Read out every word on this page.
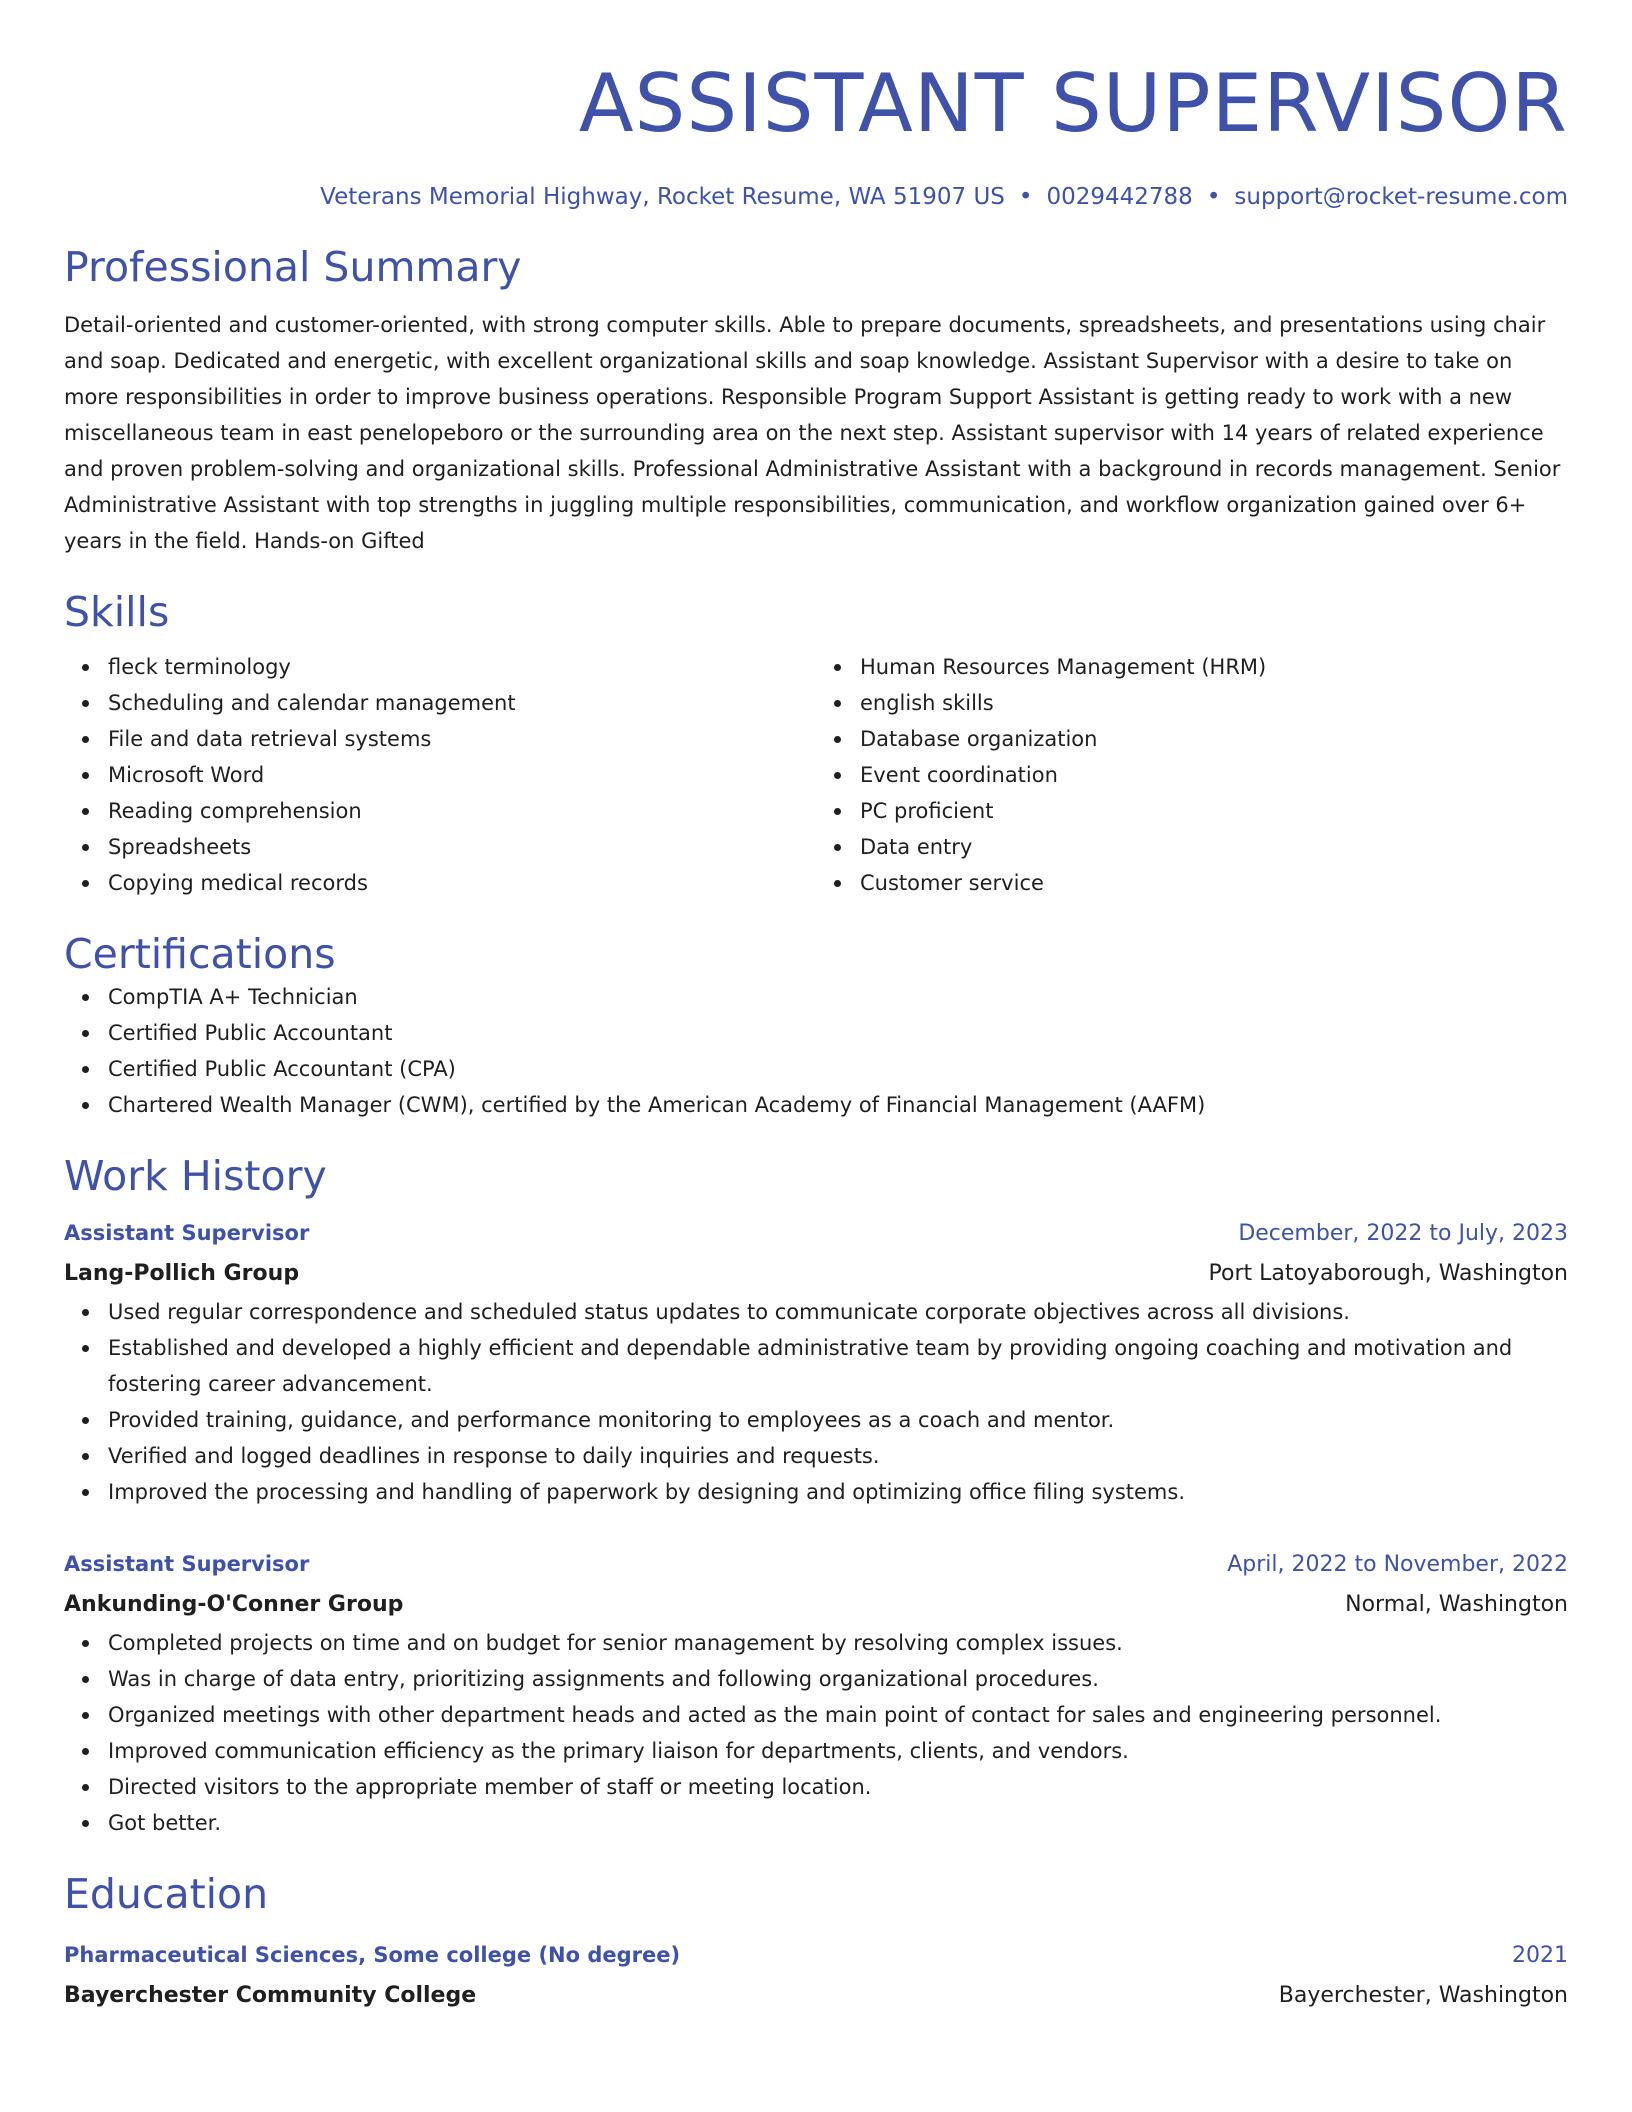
ASSISTANT SUPERVISOR
Veterans Memorial Highway, Rocket Resume, WA 51907 US • 0029442788 • support@rocket-resume.com
Professional Summary

Detail-oriented and customer-oriented, with strong computer skills. Able to prepare documents, spreadsheets, and presentations using chair and soap. Dedicated and energetic, with excellent organizational skills and soap knowledge. Assistant Supervisor with a desire to take on more responsibilities in order to improve business operations. Responsible Program Support Assistant is getting ready to work with a new miscellaneous team in east penelopeboro or the surrounding area on the next step. Assistant supervisor with 14 years of related experience and proven problem-solving and organizational skills. Professional Administrative Assistant with a background in records management. Senior Administrative Assistant with top strengths in juggling multiple responsibilities, communication, and workflow organization gained over 6+ years in the field. Hands-on Gifted

Skills
fleck terminology
Scheduling and calendar management
File and data retrieval systems
Microsoft Word
Reading comprehension
Spreadsheets
Copying medical records
Human Resources Management (HRM)
english skills
Database organization
Event coordination
PC proficient
Data entry
Customer service
Certifications
CompTIA A+ Technician
Certified Public Accountant
Certified Public Accountant (CPA)
Chartered Wealth Manager (CWM), certified by the American Academy of Financial Management (AAFM)
Work History
Assistant Supervisor	December, 2022 to July, 2023
Lang-Pollich Group	Port Latoyaborough, Washington
Used regular correspondence and scheduled status updates to communicate corporate objectives across all divisions.
Established and developed a highly efficient and dependable administrative team by providing ongoing coaching and motivation and fostering career advancement.
Provided training, guidance, and performance monitoring to employees as a coach and mentor.
Verified and logged deadlines in response to daily inquiries and requests.
Improved the processing and handling of paperwork by designing and optimizing office filing systems.
Assistant Supervisor	April, 2022 to November, 2022
Ankunding-O'Conner Group	Normal, Washington
Completed projects on time and on budget for senior management by resolving complex issues.
Was in charge of data entry, prioritizing assignments and following organizational procedures.
Organized meetings with other department heads and acted as the main point of contact for sales and engineering personnel.
Improved communication efficiency as the primary liaison for departments, clients, and vendors.
Directed visitors to the appropriate member of staff or meeting location.
Got better.
Education
Pharmaceutical Sciences, Some college (No degree)	2021
Bayerchester Community College	Bayerchester, Washington
